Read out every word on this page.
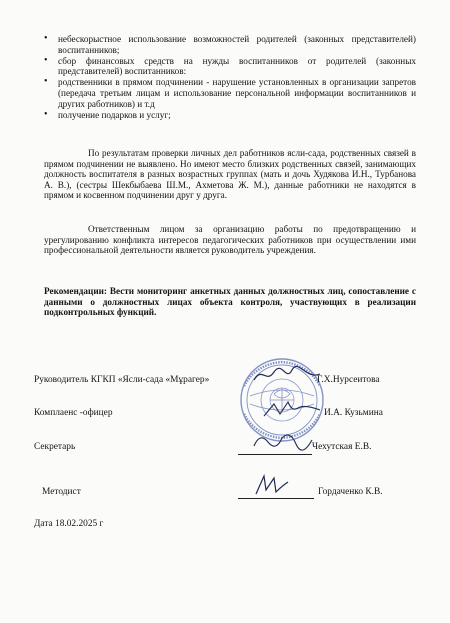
• небескорыстное использование возможностей родителей (законных представителей) воспитанников;
• сбор финансовых средств на нужды воспитанников от родителей (законных представителей) воспитанников:
• родственники в прямом подчинении - нарушение установленных в организации запретов (передача третьим лицам и использование персональной информации воспитанников и других работников) и т.д
• получение подарков и услуг;

По результатам проверки личных дел работников ясли-сада, родственных связей в прямом подчинении не выявлено. Но имеют место близких родственных связей, занимающих должность воспитателя в разных возрастных группах (мать и дочь Худякова И.Н., Турбанова А. В.), (сестры Шекбыбаева Ш.М., Ахметова Ж. М.), данные работники не находятся в прямом и косвенном подчинении друг у друга.

Ответственным лицом за организацию работы по предотвращению и урегулированию конфликта интересов педагогических работников при осуществлении ими профессиональной деятельности является руководитель учреждения.

Рекомендации: Вести мониторинг анкетных данных должностных лиц, сопоставление с данными о должностных лицах объекта контроля, участвующих в реализации подконтрольных функций.

Руководитель КГКП «Ясли-сада «Мұрагер»	Г.Х.Нурсеитова
Комплаенс -офицер	И.А. Кузьмина
Секретарь	Чехутская Е.В.
Методист	Гордаченко К.В.
Дата 18.02.2025 г
